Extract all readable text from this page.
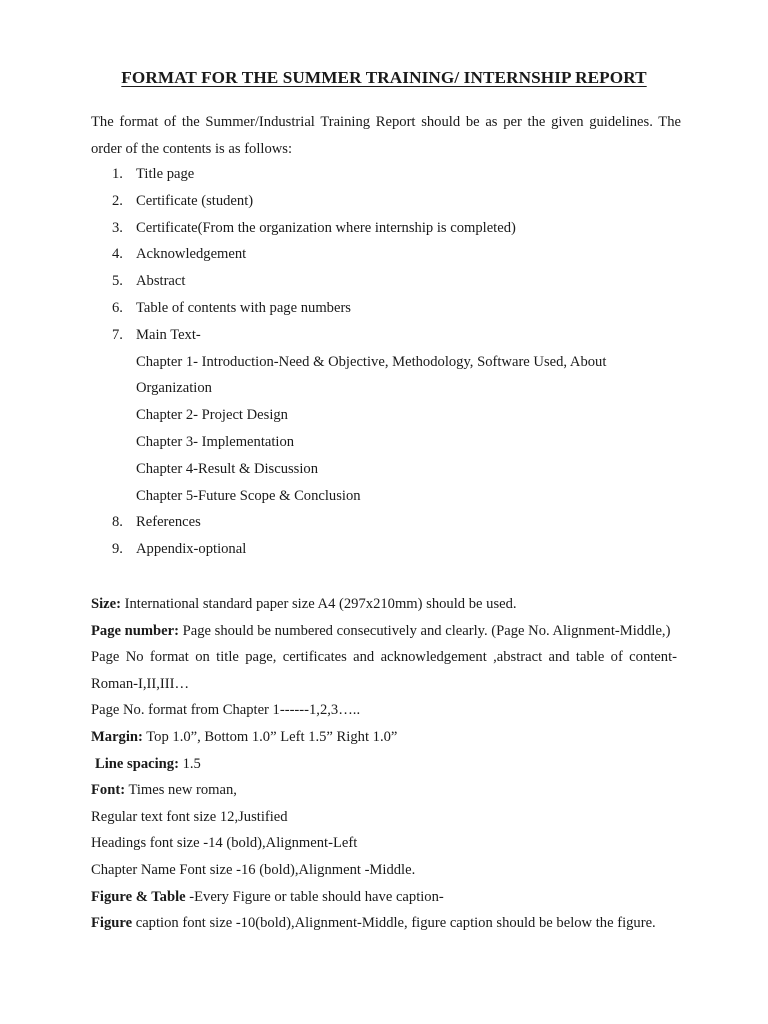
FORMAT FOR THE SUMMER TRAINING/ INTERNSHIP REPORT
The format of the Summer/Industrial Training Report should be as per the given guidelines. The order of the contents is as follows:
1. Title page
2. Certificate (student)
3. Certificate(From the organization where internship is completed)
4. Acknowledgement
5. Abstract
6. Table of contents with page numbers
7. Main Text-
Chapter 1- Introduction-Need & Objective, Methodology, Software Used, About Organization
Chapter 2- Project Design
Chapter 3- Implementation
Chapter 4-Result & Discussion
Chapter 5-Future Scope & Conclusion
8. References
9. Appendix-optional

Size: International standard paper size A4 (297x210mm) should be used.

Page number: Page should be numbered consecutively and clearly. (Page No. Alignment-Middle,)

Page No format on title page, certificates and acknowledgement ,abstract and table of content-Roman-I,II,III…

Page No. format from Chapter 1------1,2,3…..

Margin: Top 1.0”, Bottom 1.0” Left 1.5” Right 1.0”

Line spacing: 1.5

Font: Times new roman,

Regular text font size 12,Justified

Headings font size -14 (bold),Alignment-Left

Chapter Name Font size -16 (bold),Alignment -Middle.

Figure & Table -Every Figure or table should have caption-

Figure caption font size -10(bold),Alignment-Middle, figure caption should be below the figure.
